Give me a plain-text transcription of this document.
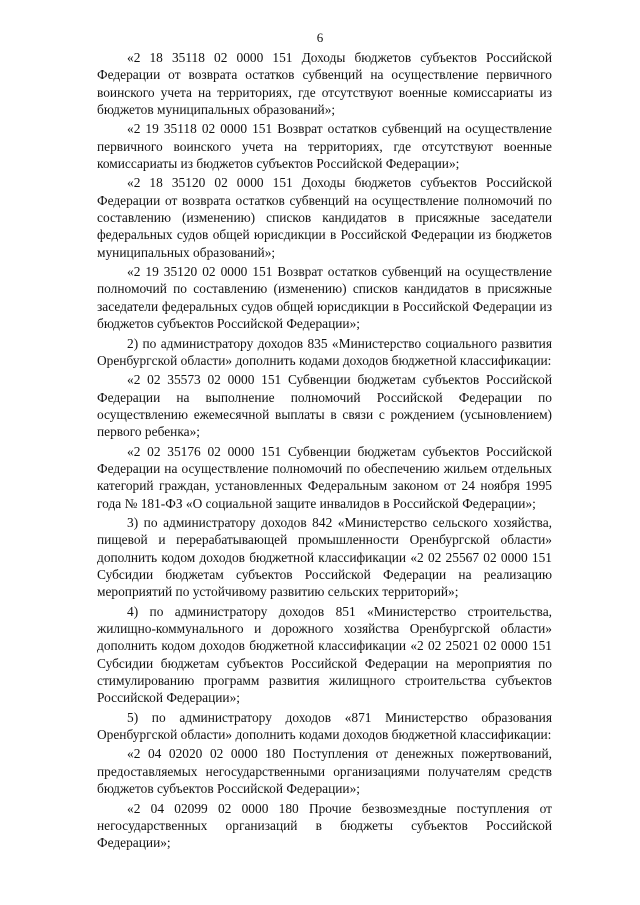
6

«2 18 35118 02 0000 151 Доходы бюджетов субъектов Российской Федерации от возврата остатков субвенций на осуществление первичного воинского учета на территориях, где отсутствуют военные комиссариаты из бюджетов муниципальных образований»;

«2 19 35118 02 0000 151 Возврат остатков субвенций на осуществление первичного воинского учета на территориях, где отсутствуют военные комиссариаты из бюджетов субъектов Российской Федерации»;

«2 18 35120 02 0000 151 Доходы бюджетов субъектов Российской Федерации от возврата остатков субвенций на осуществление полномочий по составлению (изменению) списков кандидатов в присяжные заседатели федеральных судов общей юрисдикции в Российской Федерации из бюджетов муниципальных образований»;

«2 19 35120 02 0000 151 Возврат остатков субвенций на осуществление полномочий по составлению (изменению) списков кандидатов в присяжные заседатели федеральных судов общей юрисдикции в Российской Федерации из бюджетов субъектов Российской Федерации»;

2) по администратору доходов 835 «Министерство социального развития Оренбургской области» дополнить кодами доходов бюджетной классификации:

«2 02 35573 02 0000 151 Субвенции бюджетам субъектов Российской Федерации на выполнение полномочий Российской Федерации по осуществлению ежемесячной выплаты в связи с рождением (усыновлением) первого ребенка»;

«2 02 35176 02 0000 151 Субвенции бюджетам субъектов Российской Федерации на осуществление полномочий по обеспечению жильем отдельных категорий граждан, установленных Федеральным законом от 24 ноября 1995 года № 181-ФЗ «О социальной защите инвалидов в Российской Федерации»;

3) по администратору доходов 842 «Министерство сельского хозяйства, пищевой и перерабатывающей промышленности Оренбургской области» дополнить кодом доходов бюджетной классификации «2 02 25567 02 0000 151 Субсидии бюджетам субъектов Российской Федерации на реализацию мероприятий по устойчивому развитию сельских территорий»;

4) по администратору доходов 851 «Министерство строительства, жилищно-коммунального и дорожного хозяйства Оренбургской области» дополнить кодом доходов бюджетной классификации «2 02 25021 02 0000 151 Субсидии бюджетам субъектов Российской Федерации на мероприятия по стимулированию программ развития жилищного строительства субъектов Российской Федерации»;

5) по администратору доходов «871 Министерство образования Оренбургской области» дополнить кодами доходов бюджетной классификации:

«2 04 02020 02 0000 180 Поступления от денежных пожертвований, предоставляемых негосударственными организациями получателям средств бюджетов субъектов Российской Федерации»;

«2 04 02099 02 0000 180 Прочие безвозмездные поступления от негосударственных организаций в бюджеты субъектов Российской Федерации»;
